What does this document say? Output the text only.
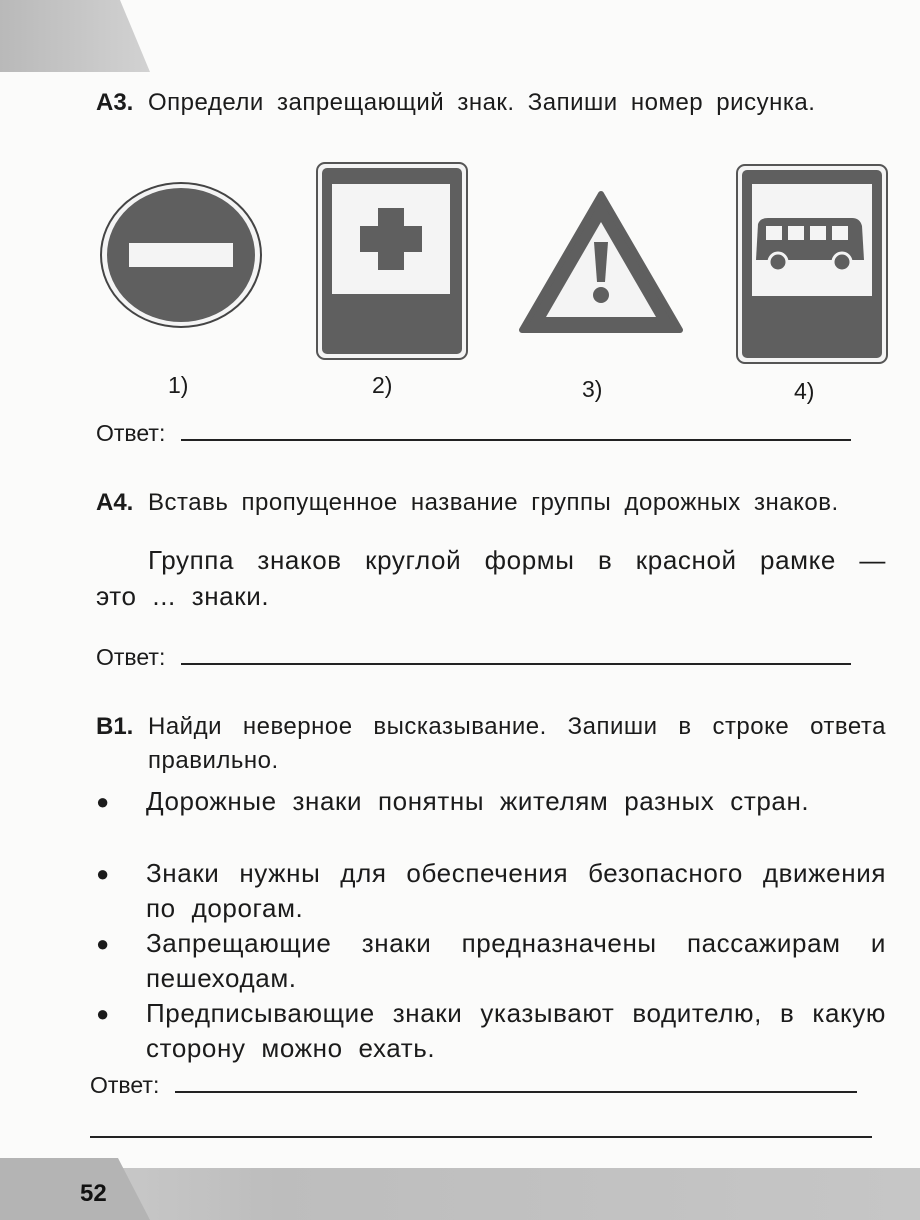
А3. Определи запрещающий знак. Запиши номер рисунка.
1)	2)	3)	4)
Ответ:
А4. Вставь пропущенное название группы дорожных знаков.
Группа знаков круглой формы в красной рамке — это ... знаки.
Ответ:
В1. Найди неверное высказывание. Запиши в строке ответа правильно.
●	Дорожные знаки понятны жителям разных стран.
●	Знаки нужны для обеспечения безопасного движения по дорогам.
●	Запрещающие знаки предназначены пассажирам и пешеходам.
●	Предписывающие знаки указывают водителю, в какую сторону можно ехать.
Ответ:
52
